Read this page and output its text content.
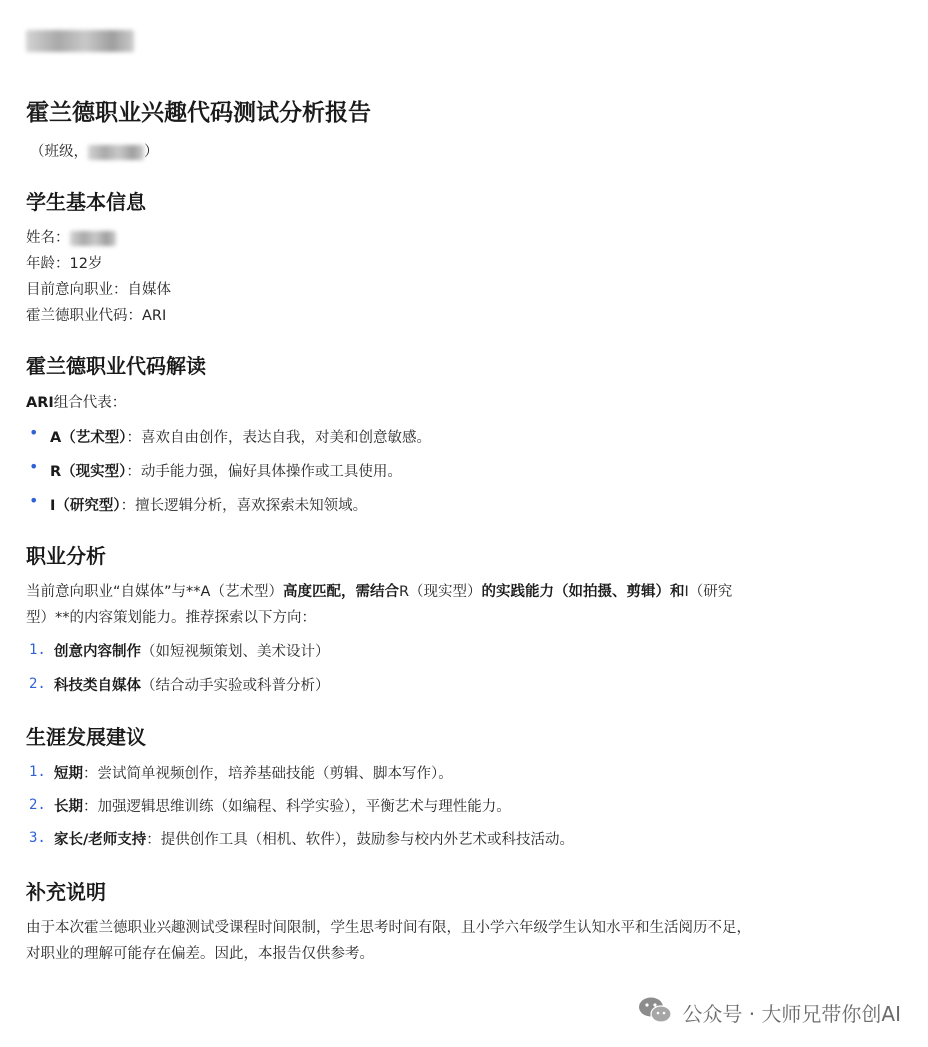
霍兰德职业兴趣代码测试分析报告
（班级，	）
学生基本信息
姓名：
年龄：12岁
目前意向职业：自媒体
霍兰德职业代码：ARI
霍兰德职业代码解读
ARI组合代表：
• A（艺术型）：喜欢自由创作，表达自我，对美和创意敏感。
• R（现实型）：动手能力强，偏好具体操作或工具使用。
• I（研究型）：擅长逻辑分析，喜欢探索未知领域。
职业分析
当前意向职业“自媒体”与**A（艺术型）高度匹配，需结合R（现实型）的实践能力（如拍摄、剪辑）和I（研究
型）**的内容策划能力。推荐探索以下方向：
1. 创意内容制作（如短视频策划、美术设计）
2. 科技类自媒体（结合动手实验或科普分析）
生涯发展建议
1. 短期：尝试简单视频创作，培养基础技能（剪辑、脚本写作）。
2. 长期：加强逻辑思维训练（如编程、科学实验），平衡艺术与理性能力。
3. 家长/老师支持：提供创作工具（相机、软件），鼓励参与校内外艺术或科技活动。
补充说明
由于本次霍兰德职业兴趣测试受课程时间限制，学生思考时间有限，且小学六年级学生认知水平和生活阅历不足，
对职业的理解可能存在偏差。因此，本报告仅供参考。
公众号 · 大师兄带你创AI
